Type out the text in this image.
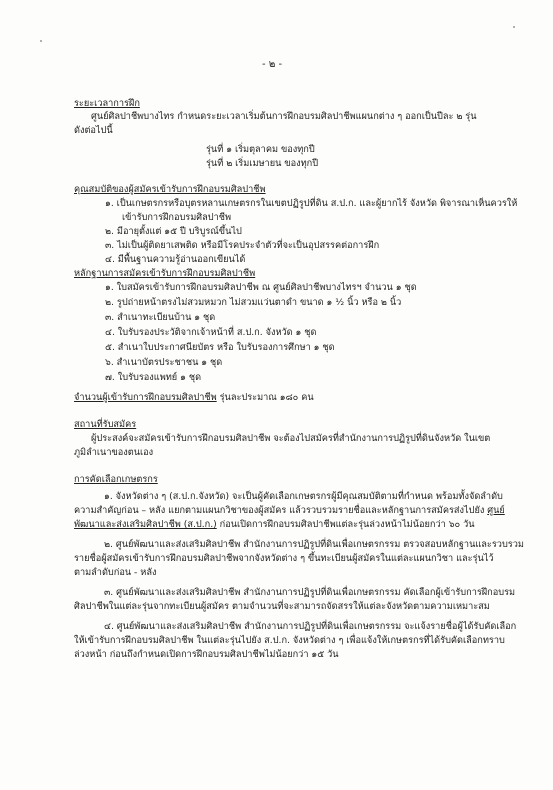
- ๒ -
ระยะเวลาการฝึก
ศูนย์ศิลปาชีพบางไทร กำหนดระยะเวลาเริ่มต้นการฝึกอบรมศิลปาชีพแผนกต่าง ๆ ออกเป็นปีละ ๒ รุ่น
ดังต่อไปนี้
รุ่นที่ ๑ เริ่มตุลาคม ของทุกปี
รุ่นที่ ๒ เริ่มเมษายน ของทุกปี
คุณสมบัติของผู้สมัครเข้ารับการฝึกอบรมศิลปาชีพ
๑. เป็นเกษตรกรหรือบุตรหลานเกษตรกรในเขตปฏิรูปที่ดิน ส.ป.ก. และผู้ยากไร้ จังหวัด พิจารณาเห็นควรให้
เข้ารับการฝึกอบรมศิลปาชีพ
๒. มีอายุตั้งแต่ ๑๕ ปี บริบูรณ์ขึ้นไป
๓. ไม่เป็นผู้ติดยาเสพติด หรือมีโรคประจำตัวที่จะเป็นอุปสรรคต่อการฝึก
๔. มีพื้นฐานความรู้อ่านออกเขียนได้
หลักฐานการสมัครเข้ารับการฝึกอบรมศิลปาชีพ
๑. ใบสมัครเข้ารับการฝึกอบรมศิลปาชีพ ณ ศูนย์ศิลปาชีพบางไทรฯ จำนวน ๑ ชุด
๒. รูปถ่ายหน้าตรงไม่สวมหมวก ไม่สวมแว่นตาดำ ขนาด ๑ ½ นิ้ว หรือ ๒ นิ้ว
๓. สำเนาทะเบียนบ้าน ๑ ชุด
๔. ใบรับรองประวัติจากเจ้าหน้าที่ ส.ป.ก. จังหวัด ๑ ชุด
๕. สำเนาใบประกาศนียบัตร หรือ ใบรับรองการศึกษา ๑ ชุด
๖. สำเนาบัตรประชาชน ๑ ชุด
๗. ใบรับรองแพทย์ ๑ ชุด
จำนวนผู้เข้ารับการฝึกอบรมศิลปาชีพ รุ่นละประมาณ ๑๘๐ คน
สถานที่รับสมัคร
ผู้ประสงค์จะสมัครเข้ารับการฝึกอบรมศิลปาชีพ จะต้องไปสมัครที่สำนักงานการปฏิรูปที่ดินจังหวัด ในเขต
ภูมิลำเนาของตนเอง
การคัดเลือกเกษตรกร
๑. จังหวัดต่าง ๆ (ส.ป.ก.จังหวัด) จะเป็นผู้คัดเลือกเกษตรกรผู้มีคุณสมบัติตามที่กำหนด พร้อมทั้งจัดลำดับ
ความสำคัญก่อน – หลัง แยกตามแผนกวิชาของผู้สมัคร แล้วรวบรวมรายชื่อและหลักฐานการสมัครส่งไปยัง ศูนย์
พัฒนาและส่งเสริมศิลปาชีพ (ส.ป.ก.) ก่อนเปิดการฝึกอบรมศิลปาชีพแต่ละรุ่นล่วงหน้าไม่น้อยกว่า ๖๐ วัน
๒. ศูนย์พัฒนาและส่งเสริมศิลปาชีพ สำนักงานการปฏิรูปที่ดินเพื่อเกษตรกรรม ตรวจสอบหลักฐานและรวบรวม
รายชื่อผู้สมัครเข้ารับการฝึกอบรมศิลปาชีพจากจังหวัดต่าง ๆ ขึ้นทะเบียนผู้สมัครในแต่ละแผนกวิชา และรุ่นไว้
ตามลำดับก่อน - หลัง
๓. ศูนย์พัฒนาและส่งเสริมศิลปาชีพ สำนักงานการปฏิรูปที่ดินเพื่อเกษตรกรรม คัดเลือกผู้เข้ารับการฝึกอบรม
ศิลปาชีพในแต่ละรุ่นจากทะเบียนผู้สมัคร ตามจำนวนที่จะสามารถจัดสรรให้แต่ละจังหวัดตามความเหมาะสม
๔. ศูนย์พัฒนาและส่งเสริมศิลปาชีพ สำนักงานการปฏิรูปที่ดินเพื่อเกษตรกรรม จะแจ้งรายชื่อผู้ได้รับคัดเลือก
ให้เข้ารับการฝึกอบรมศิลปาชีพ ในแต่ละรุ่นไปยัง ส.ป.ก. จังหวัดต่าง ๆ เพื่อแจ้งให้เกษตรกรที่ได้รับคัดเลือกทราบ
ล่วงหน้า ก่อนถึงกำหนดเปิดการฝึกอบรมศิลปาชีพไม่น้อยกว่า ๑๕ วัน
